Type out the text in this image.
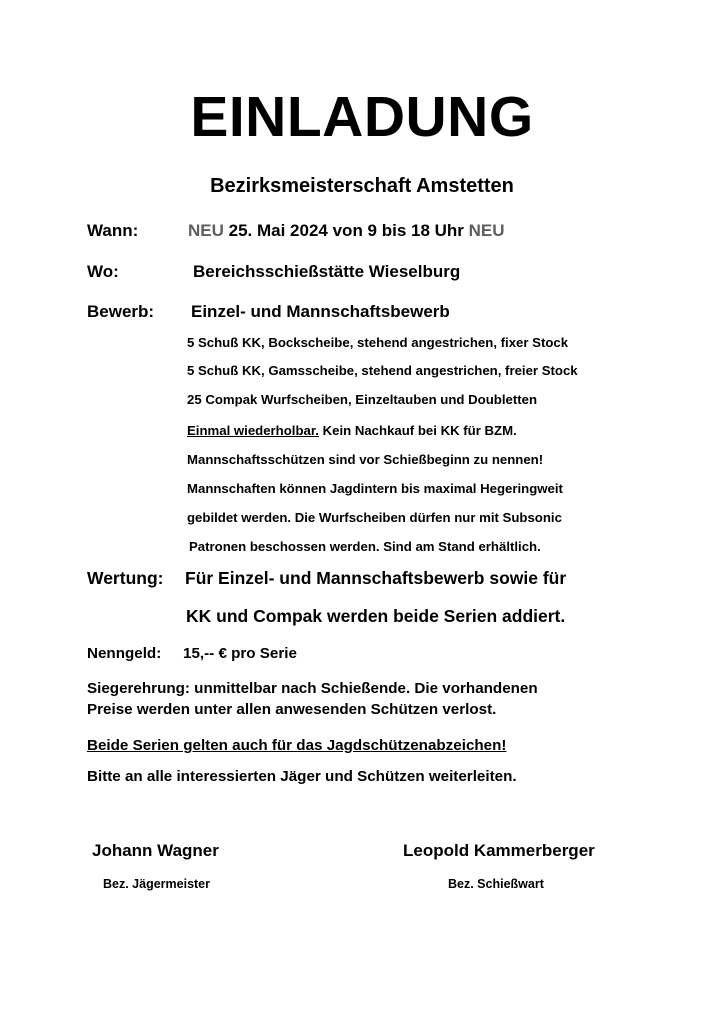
EINLADUNG
Bezirksmeisterschaft Amstetten
Wann:	NEU 25. Mai 2024 von 9 bis 18 Uhr NEU
Wo:	Bereichsschießstätte Wieselburg
Bewerb: Einzel- und Mannschaftsbewerb
5 Schuß KK, Bockscheibe, stehend angestrichen, fixer Stock
5 Schuß KK, Gamsscheibe, stehend angestrichen, freier Stock
25 Compak Wurfscheiben, Einzeltauben und Doubletten
Einmal wiederholbar. Kein Nachkauf bei KK für BZM.
Mannschaftsschützen sind vor Schießbeginn zu nennen!
Mannschaften können Jagdintern bis maximal Hegeringweit
gebildet werden. Die Wurfscheiben dürfen nur mit Subsonic
Patronen beschossen werden. Sind am Stand erhältlich.
Wertung: Für Einzel- und Mannschaftsbewerb sowie für
KK und Compak werden beide Serien addiert.
Nenngeld: 15,-- € pro Serie
Siegerehrung: unmittelbar nach Schießende. Die vorhandenen
Preise werden unter allen anwesenden Schützen verlost.
Beide Serien gelten auch für das Jagdschützenabzeichen!
Bitte an alle interessierten Jäger und Schützen weiterleiten.
Johann Wagner
Bez. Jägermeister
Leopold Kammerberger
Bez. Schießwart
